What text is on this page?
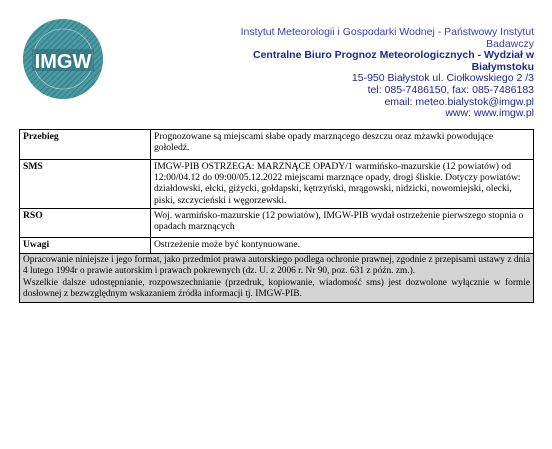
IMGW
Instytut Meteorologii i Gospodarki Wodnej - Państwowy Instytut Badawczy
Centralne Biuro Prognoz Meteorologicznych - Wydział w Białymstoku
15-950 Białystok ul. Ciołkowskiego 2 /3
tel: 085-7486150, fax: 085-7486183
email: meteo.bialystok@imgw.pl
www: www.imgw.pl
Przebieg	Prognozowane są miejscami słabe opady marznącego deszczu oraz mżawki powodujące gołoledź.
SMS	IMGW-PIB OSTRZEGA: MARZNĄCE OPADY/1 warmińsko-mazurskie (12 powiatów) od 12:00/04.12 do 09:00/05.12.2022 miejscami marznące opady, drogi śliskie. Dotyczy powiatów: działdowski, ełcki, giżycki, gołdapski, kętrzyński, mrągowski, nidzicki, nowomiejski, olecki, piski, szczycieński i węgorzewski.
RSO	Woj. warmińsko-mazurskie (12 powiatów), IMGW-PIB wydał ostrzeżenie pierwszego stopnia o opadach marznących
Uwagi	Ostrzeżenie może być kontynuowane.

Opracowanie niniejsze i jego format, jako przedmiot prawa autorskiego podlega ochronie prawnej, zgodnie z przepisami ustawy z dnia 4 lutego 1994r o prawie autorskim i prawach pokrewnych (dz. U. z 2006 r. Nr 90, poz. 631 z późn. zm.).
Wszelkie dalsze udostępnianie, rozpowszechnianie (przedruk, kopiowanie, wiadomość sms) jest dozwolone wyłącznie w formie dosłownej z bezwzględnym wskazaniem źródła informacji tj. IMGW-PIB.	
